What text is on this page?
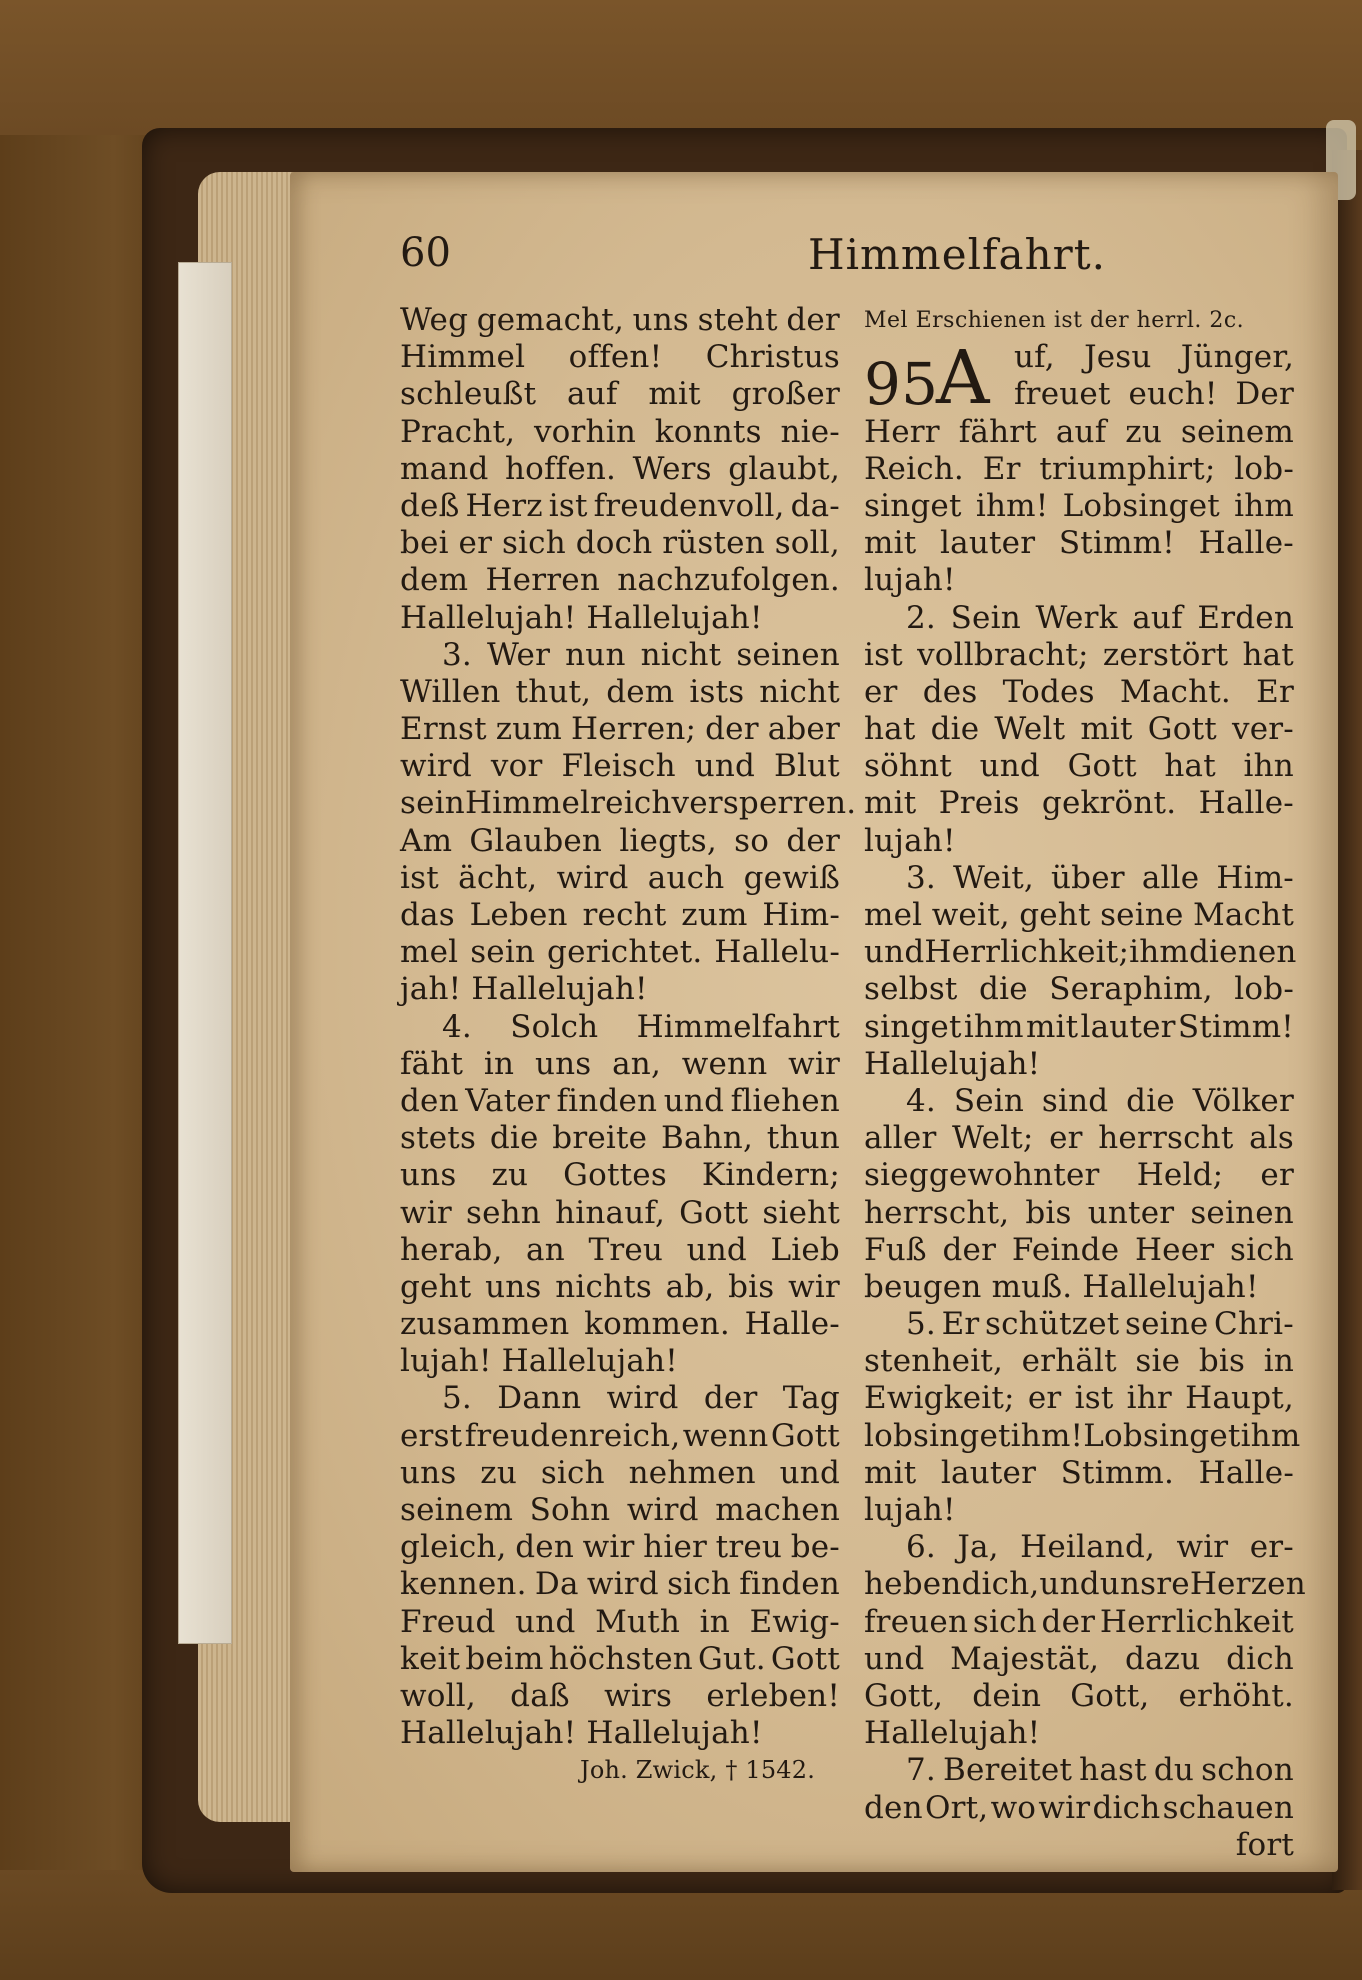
60	Himmelfahrt.
Weg gemacht, uns steht der
Himmel offen! Christus
schleußt auf mit großer
Pracht, vorhin konnts nie-
mand hoffen. Wers glaubt,
deß Herz ist freudenvoll, da-
bei er sich doch rüsten soll,
dem Herren nachzufolgen.
Hallelujah! Hallelujah!
3. Wer nun nicht seinen
Willen thut, dem ists nicht
Ernst zum Herren; der aber
wird vor Fleisch und Blut
sein Himmelreich versperren.
Am Glauben liegts, so der
ist ächt, wird auch gewiß
das Leben recht zum Him-
mel sein gerichtet. Hallelu-
jah! Hallelujah!
4. Solch Himmelfahrt
fäht in uns an, wenn wir
den Vater finden und fliehen
stets die breite Bahn, thun
uns zu Gottes Kindern;
wir sehn hinauf, Gott sieht
herab, an Treu und Lieb
geht uns nichts ab, bis wir
zusammen kommen. Halle-
lujah! Hallelujah!
5. Dann wird der Tag
erst freudenreich, wenn Gott
uns zu sich nehmen und
seinem Sohn wird machen
gleich, den wir hier treu be-
kennen. Da wird sich finden
Freud und Muth in Ewig-
keit beim höchsten Gut. Gott
woll, daß wirs erleben!
Hallelujah! Hallelujah!
Joh. Zwick, † 1542.
Mel Erschienen ist der herrl. 2c.
95
A uf, Jesu Jünger,
freuet euch! Der
Herr fährt auf zu seinem
Reich. Er triumphirt; lob-
singet ihm! Lobsinget ihm
mit lauter Stimm! Halle-
lujah!
2. Sein Werk auf Erden
ist vollbracht; zerstört hat
er des Todes Macht. Er
hat die Welt mit Gott ver-
söhnt und Gott hat ihn
mit Preis gekrönt. Halle-
lujah!
3. Weit, über alle Him-
mel weit, geht seine Macht
und Herrlichkeit; ihm dienen
selbst die Seraphim, lob-
singet ihm mit lauter Stimm!
Hallelujah!
4. Sein sind die Völker
aller Welt; er herrscht als
sieggewohnter Held; er
herrscht, bis unter seinen
Fuß der Feinde Heer sich
beugen muß. Hallelujah!
5. Er schützet seine Chri-
stenheit, erhält sie bis in
Ewigkeit; er ist ihr Haupt,
lobsinget ihm! Lobsinget ihm
mit lauter Stimm. Halle-
lujah!
6. Ja, Heiland, wir er-
heben dich, und unsre Herzen
freuen sich der Herrlichkeit
und Majestät, dazu dich
Gott, dein Gott, erhöht.
Hallelujah!
7. Bereitet hast du schon
den Ort, wo wir dich schauen
fort
